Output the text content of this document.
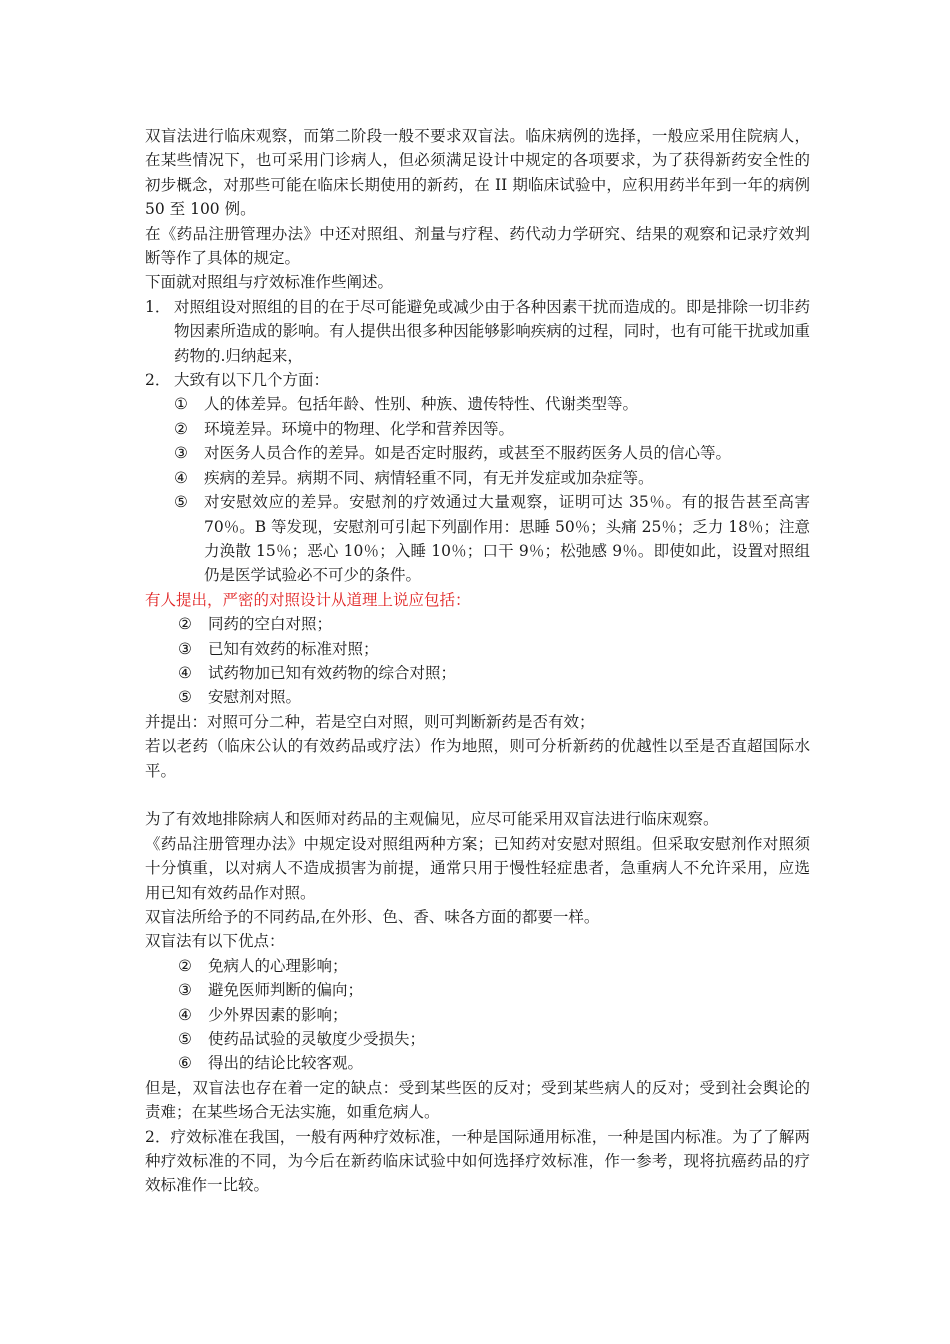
双盲法进行临床观察，而第二阶段一般不要求双盲法。临床病例的选择，一般应采用住院病人，在某些情况下，也可采用门诊病人，但必须满足设计中规定的各项要求，为了获得新药安全性的初步概念，对那些可能在临床长期使用的新药，在 II 期临床试验中，应积用药半年到一年的病例 50 至 100 例。

在《药品注册管理办法》中还对照组、剂量与疗程、药代动力学研究、结果的观察和记录疗效判断等作了具体的规定。

下面就对照组与疗效标准作些阐述。

1． 对照组设对照组的目的在于尽可能避免或减少由于各种因素干扰而造成的。即是排除一切非药物因素所造成的影响。有人提供出很多种因能够影响疾病的过程，同时，也有可能干扰或加重药物的.归纳起来，
2． 大致有以下几个方面：
①	人的体差异。包括年龄、性别、种族、遗传特性、代谢类型等。
②	环境差异。环境中的物理、化学和营养因等。
③	对医务人员合作的差异。如是否定时服药，或甚至不服药医务人员的信心等。
④	疾病的差异。病期不同、病情轻重不同，有无并发症或加杂症等。
⑤	对安慰效应的差异。安慰剂的疗效通过大量观察，证明可达 35％。有的报告甚至高害 70％。B 等发现，安慰剂可引起下列副作用：思睡 50％；头痛 25％；乏力 18％；注意力涣散 15％；恶心 10％；入睡 10％；口干 9％；松弛感 9％。即使如此，设置对照组仍是医学试验必不可少的条件。

有人提出，严密的对照设计从道理上说应包括：

②	同药的空白对照；
③	已知有效药的标准对照；
④	试药物加已知有效药物的综合对照；
⑤	安慰剂对照。

并提出：对照可分二种，若是空白对照，则可判断新药是否有效；

若以老药（临床公认的有效药品或疗法）作为地照，则可分析新药的优越性以至是否直超国际水平。

为了有效地排除病人和医师对药品的主观偏见，应尽可能采用双盲法进行临床观察。

《药品注册管理办法》中规定设对照组两种方案；已知药对安慰对照组。但采取安慰剂作对照须十分慎重，以对病人不造成损害为前提，通常只用于慢性轻症患者，急重病人不允许采用，应选用已知有效药品作对照。

双盲法所给予的不同药品,在外形、色、香、味各方面的都要一样。

双盲法有以下优点：

②	免病人的心理影响；
③	避免医师判断的偏向；
④	少外界因素的影响；
⑤	使药品试验的灵敏度少受损失；
⑥	得出的结论比较客观。

但是，双盲法也存在着一定的缺点：受到某些医的反对；受到某些病人的反对；受到社会舆论的责难；在某些场合无法实施，如重危病人。

2．疗效标准在我国，一般有两种疗效标准，一种是国际通用标准，一种是国内标准。为了了解两种疗效标准的不同，为今后在新药临床试验中如何选择疗效标准，作一参考，现将抗癌药品的疗效标准作一比较。
